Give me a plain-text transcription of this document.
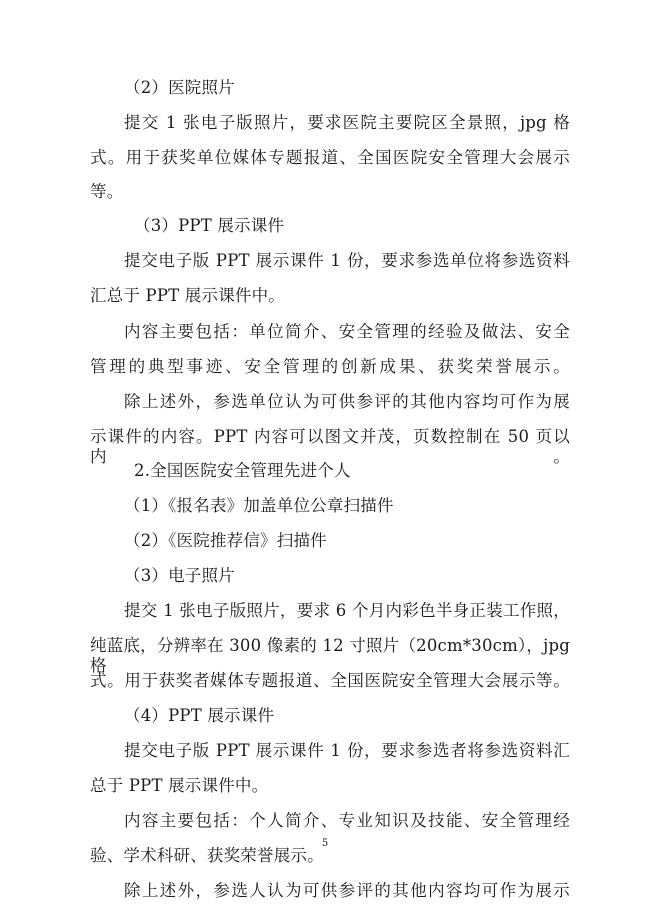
（2）医院照片
提交 1 张电子版照片，要求医院主要院区全景照，jpg 格
式。用于获奖单位媒体专题报道、全国医院安全管理大会展示
等。
（3）PPT 展示课件
提交电子版 PPT 展示课件 1 份，要求参选单位将参选资料
汇总于 PPT 展示课件中。
内容主要包括：单位简介、安全管理的经验及做法、安全
管理的典型事迹、安全管理的创新成果、获奖荣誉展示。
除上述外，参选单位认为可供参评的其他内容均可作为展
示课件的内容。PPT 内容可以图文并茂，页数控制在 50 页以内。
2.全国医院安全管理先进个人
（1）《报名表》加盖单位公章扫描件
（2）《医院推荐信》扫描件
（3）电子照片
提交 1 张电子版照片，要求 6 个月内彩色半身正装工作照，
纯蓝底，分辨率在 300 像素的 12 寸照片（20cm*30cm），jpg 格
式。用于获奖者媒体专题报道、全国医院安全管理大会展示等。
（4）PPT 展示课件
提交电子版 PPT 展示课件 1 份，要求参选者将参选资料汇
总于 PPT 展示课件中。
内容主要包括：个人简介、专业知识及技能、安全管理经
验、学术科研、获奖荣誉展示。
除上述外，参选人认为可供参评的其他内容均可作为展示
5
